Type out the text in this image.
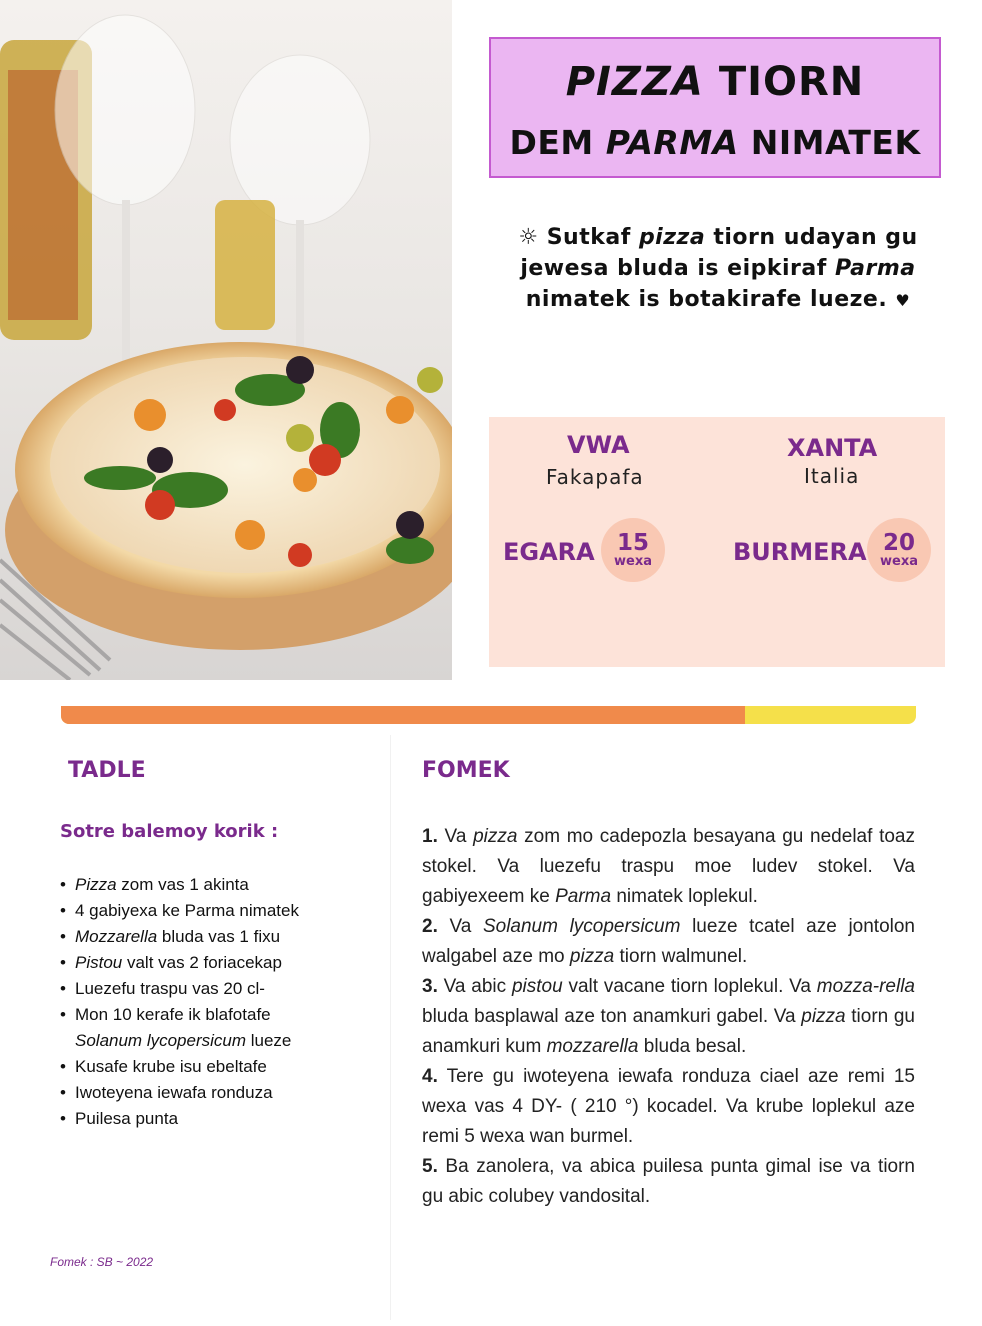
PIZZA TIORN
DEM PARMA NIMATEK
☼ Sutkaf pizza tiorn udayan gu jewesa bluda is eipkiraf Parma nimatek is botakirafe lueze. ♥
VWA
Fakapafa
XANTA
Italia
EGARA 15
wexa	BURMERA 20
wexa
TADLE
Sotre balemoy korik :
• Pizza zom vas 1 akinta
• 4 gabiyexa ke Parma nimatek
• Mozzarella bluda vas 1 fixu
• Pistou valt vas 2 foriacekap
• Luezefu traspu vas 20 cl-
• Mon 10 kerafe ik blafotafe
Solanum lycopersicum lueze
• Kusafe krube isu ebeltafe
• Iwoteyena iewafa ronduza
• Puilesa punta
FOMEK

1. Va pizza zom mo cadepozla besayana gu nedelaf toaz stokel. Va luezefu traspu moe ludev stokel. Va gabiyexeem ke Parma nimatek loplekul.

2. Va Solanum lycopersicum lueze tcatel aze jontolon walgabel aze mo pizza tiorn walmunel.

3. Va abic pistou valt vacane tiorn loplekul. Va mozza-rella bluda basplawal aze ton anamkuri gabel. Va pizza tiorn gu anamkuri kum mozzarella bluda besal.

4. Tere gu iwoteyena iewafa ronduza ciael aze remi 15 wexa vas 4 DY- ( 210 °) kocadel. Va krube loplekul aze remi 5 wexa wan burmel.

5. Ba zanolera, va abica puilesa punta gimal ise va tiorn gu abic colubey vandosital.

Fomek : SB ~ 2022
